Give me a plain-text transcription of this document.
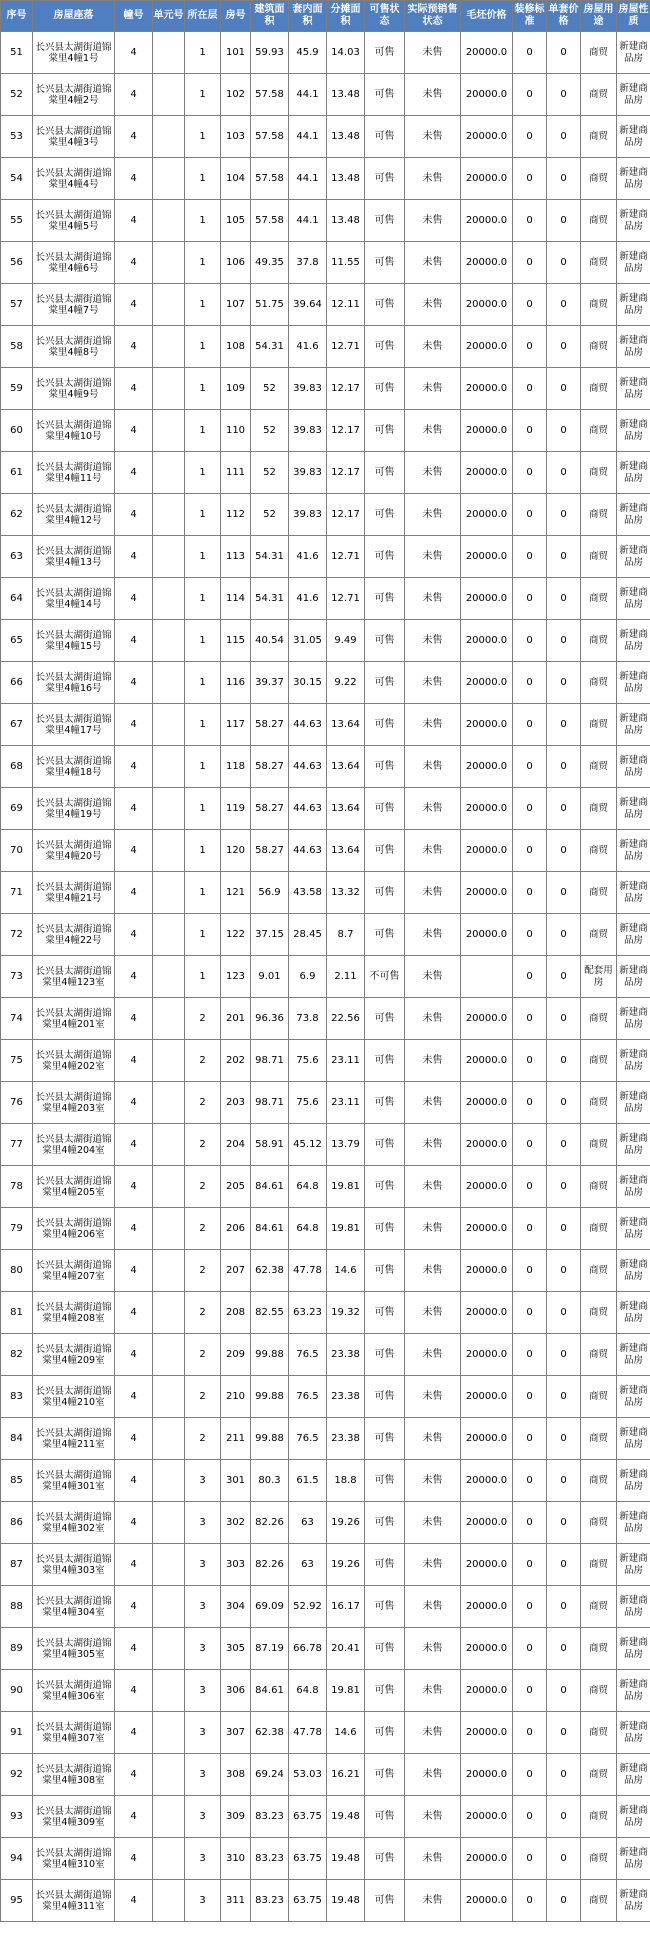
序号	房屋座落	幢号	单元号	所在层	房号	建筑面积	套内面积	分摊面积	可售状态	实际预销售状态	毛坯价格	装修标准	单套价格	房屋用途	房屋性质
51	长兴县太湖街道锦棠里4幢1号	4		1	101	59.93	45.9	14.03	可售	未售	20000.0	0	0	商贸	新建商品房
52	长兴县太湖街道锦棠里4幢2号	4		1	102	57.58	44.1	13.48	可售	未售	20000.0	0	0	商贸	新建商品房
53	长兴县太湖街道锦棠里4幢3号	4		1	103	57.58	44.1	13.48	可售	未售	20000.0	0	0	商贸	新建商品房
54	长兴县太湖街道锦棠里4幢4号	4		1	104	57.58	44.1	13.48	可售	未售	20000.0	0	0	商贸	新建商品房
55	长兴县太湖街道锦棠里4幢5号	4		1	105	57.58	44.1	13.48	可售	未售	20000.0	0	0	商贸	新建商品房
56	长兴县太湖街道锦棠里4幢6号	4		1	106	49.35	37.8	11.55	可售	未售	20000.0	0	0	商贸	新建商品房
57	长兴县太湖街道锦棠里4幢7号	4		1	107	51.75	39.64	12.11	可售	未售	20000.0	0	0	商贸	新建商品房
58	长兴县太湖街道锦棠里4幢8号	4		1	108	54.31	41.6	12.71	可售	未售	20000.0	0	0	商贸	新建商品房
59	长兴县太湖街道锦棠里4幢9号	4		1	109	52	39.83	12.17	可售	未售	20000.0	0	0	商贸	新建商品房
60	长兴县太湖街道锦棠里4幢10号	4		1	110	52	39.83	12.17	可售	未售	20000.0	0	0	商贸	新建商品房
61	长兴县太湖街道锦棠里4幢11号	4		1	111	52	39.83	12.17	可售	未售	20000.0	0	0	商贸	新建商品房
62	长兴县太湖街道锦棠里4幢12号	4		1	112	52	39.83	12.17	可售	未售	20000.0	0	0	商贸	新建商品房
63	长兴县太湖街道锦棠里4幢13号	4		1	113	54.31	41.6	12.71	可售	未售	20000.0	0	0	商贸	新建商品房
64	长兴县太湖街道锦棠里4幢14号	4		1	114	54.31	41.6	12.71	可售	未售	20000.0	0	0	商贸	新建商品房
65	长兴县太湖街道锦棠里4幢15号	4		1	115	40.54	31.05	9.49	可售	未售	20000.0	0	0	商贸	新建商品房
66	长兴县太湖街道锦棠里4幢16号	4		1	116	39.37	30.15	9.22	可售	未售	20000.0	0	0	商贸	新建商品房
67	长兴县太湖街道锦棠里4幢17号	4		1	117	58.27	44.63	13.64	可售	未售	20000.0	0	0	商贸	新建商品房
68	长兴县太湖街道锦棠里4幢18号	4		1	118	58.27	44.63	13.64	可售	未售	20000.0	0	0	商贸	新建商品房
69	长兴县太湖街道锦棠里4幢19号	4		1	119	58.27	44.63	13.64	可售	未售	20000.0	0	0	商贸	新建商品房
70	长兴县太湖街道锦棠里4幢20号	4		1	120	58.27	44.63	13.64	可售	未售	20000.0	0	0	商贸	新建商品房
71	长兴县太湖街道锦棠里4幢21号	4		1	121	56.9	43.58	13.32	可售	未售	20000.0	0	0	商贸	新建商品房
72	长兴县太湖街道锦棠里4幢22号	4		1	122	37.15	28.45	8.7	可售	未售	20000.0	0	0	商贸	新建商品房
73	长兴县太湖街道锦棠里4幢123室	4		1	123	9.01	6.9	2.11	不可售	未售		0	0	配套用房	新建商品房
74	长兴县太湖街道锦棠里4幢201室	4		2	201	96.36	73.8	22.56	可售	未售	20000.0	0	0	商贸	新建商品房
75	长兴县太湖街道锦棠里4幢202室	4		2	202	98.71	75.6	23.11	可售	未售	20000.0	0	0	商贸	新建商品房
76	长兴县太湖街道锦棠里4幢203室	4		2	203	98.71	75.6	23.11	可售	未售	20000.0	0	0	商贸	新建商品房
77	长兴县太湖街道锦棠里4幢204室	4		2	204	58.91	45.12	13.79	可售	未售	20000.0	0	0	商贸	新建商品房
78	长兴县太湖街道锦棠里4幢205室	4		2	205	84.61	64.8	19.81	可售	未售	20000.0	0	0	商贸	新建商品房
79	长兴县太湖街道锦棠里4幢206室	4		2	206	84.61	64.8	19.81	可售	未售	20000.0	0	0	商贸	新建商品房
80	长兴县太湖街道锦棠里4幢207室	4		2	207	62.38	47.78	14.6	可售	未售	20000.0	0	0	商贸	新建商品房
81	长兴县太湖街道锦棠里4幢208室	4		2	208	82.55	63.23	19.32	可售	未售	20000.0	0	0	商贸	新建商品房
82	长兴县太湖街道锦棠里4幢209室	4		2	209	99.88	76.5	23.38	可售	未售	20000.0	0	0	商贸	新建商品房
83	长兴县太湖街道锦棠里4幢210室	4		2	210	99.88	76.5	23.38	可售	未售	20000.0	0	0	商贸	新建商品房
84	长兴县太湖街道锦棠里4幢211室	4		2	211	99.88	76.5	23.38	可售	未售	20000.0	0	0	商贸	新建商品房
85	长兴县太湖街道锦棠里4幢301室	4		3	301	80.3	61.5	18.8	可售	未售	20000.0	0	0	商贸	新建商品房
86	长兴县太湖街道锦棠里4幢302室	4		3	302	82.26	63	19.26	可售	未售	20000.0	0	0	商贸	新建商品房
87	长兴县太湖街道锦棠里4幢303室	4		3	303	82.26	63	19.26	可售	未售	20000.0	0	0	商贸	新建商品房
88	长兴县太湖街道锦棠里4幢304室	4		3	304	69.09	52.92	16.17	可售	未售	20000.0	0	0	商贸	新建商品房
89	长兴县太湖街道锦棠里4幢305室	4		3	305	87.19	66.78	20.41	可售	未售	20000.0	0	0	商贸	新建商品房
90	长兴县太湖街道锦棠里4幢306室	4		3	306	84.61	64.8	19.81	可售	未售	20000.0	0	0	商贸	新建商品房
91	长兴县太湖街道锦棠里4幢307室	4		3	307	62.38	47.78	14.6	可售	未售	20000.0	0	0	商贸	新建商品房
92	长兴县太湖街道锦棠里4幢308室	4		3	308	69.24	53.03	16.21	可售	未售	20000.0	0	0	商贸	新建商品房
93	长兴县太湖街道锦棠里4幢309室	4		3	309	83.23	63.75	19.48	可售	未售	20000.0	0	0	商贸	新建商品房
94	长兴县太湖街道锦棠里4幢310室	4		3	310	83.23	63.75	19.48	可售	未售	20000.0	0	0	商贸	新建商品房
95	长兴县太湖街道锦棠里4幢311室	4		3	311	83.23	63.75	19.48	可售	未售	20000.0	0	0	商贸	新建商品房
